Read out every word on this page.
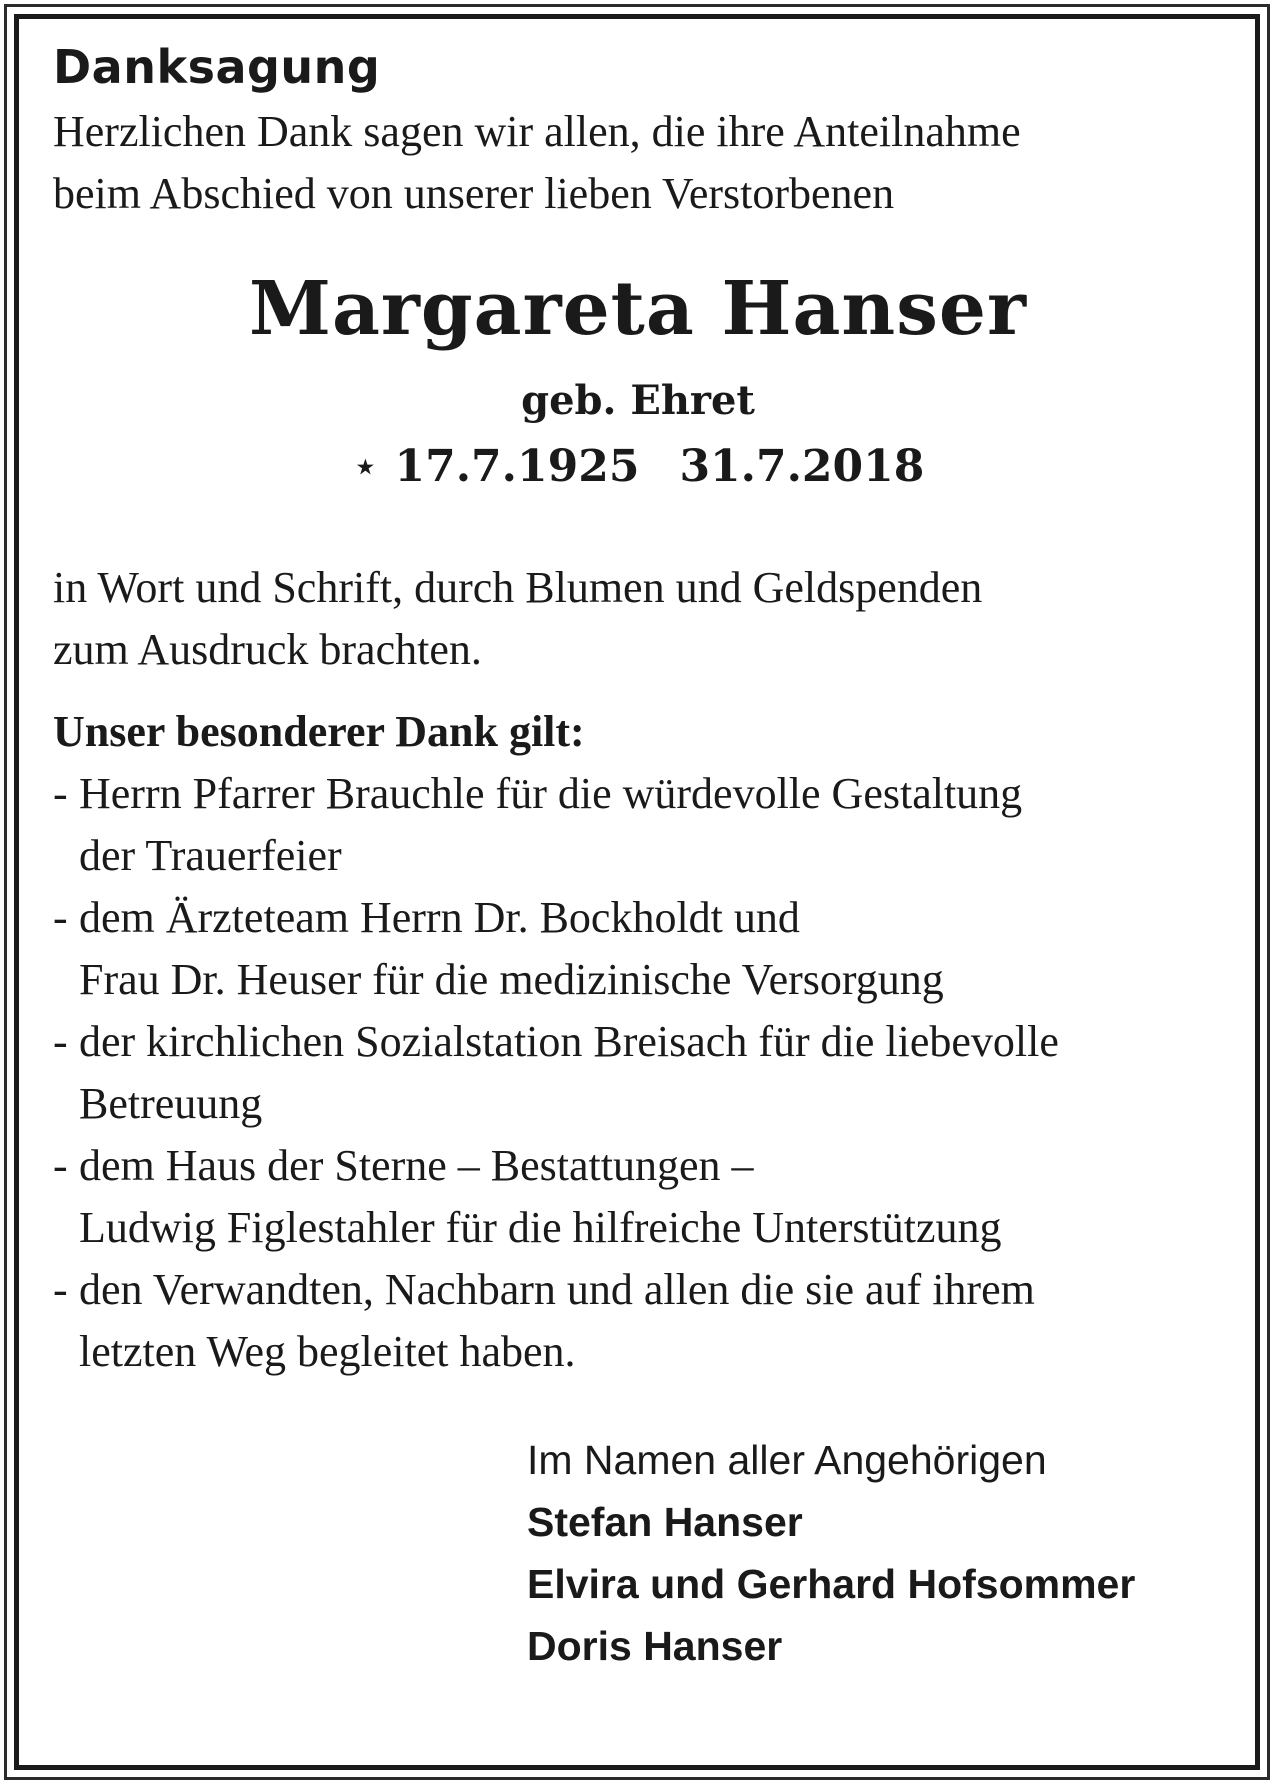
Danksagung
Herzlichen Dank sagen wir allen, die ihre Anteilnahme
beim Abschied von unserer lieben Verstorbenen
Margareta Hanser
geb. Ehret
⋆ 17.7.1925 31.7.2018
in Wort und Schrift, durch Blumen und Geldspenden
zum Ausdruck brachten.
Unser besonderer Dank gilt:
- Herrn Pfarrer Brauchle für die würdevolle Gestaltung
der Trauerfeier
- dem Ärzteteam Herrn Dr. Bockholdt und
Frau Dr. Heuser für die medizinische Versorgung
- der kirchlichen Sozialstation Breisach für die liebevolle
Betreuung
- dem Haus der Sterne – Bestattungen –
Ludwig Figlestahler für die hilfreiche Unterstützung
- den Verwandten, Nachbarn und allen die sie auf ihrem
letzten Weg begleitet haben.
Im Namen aller Angehörigen
Stefan Hanser
Elvira und Gerhard Hofsommer
Doris Hanser
